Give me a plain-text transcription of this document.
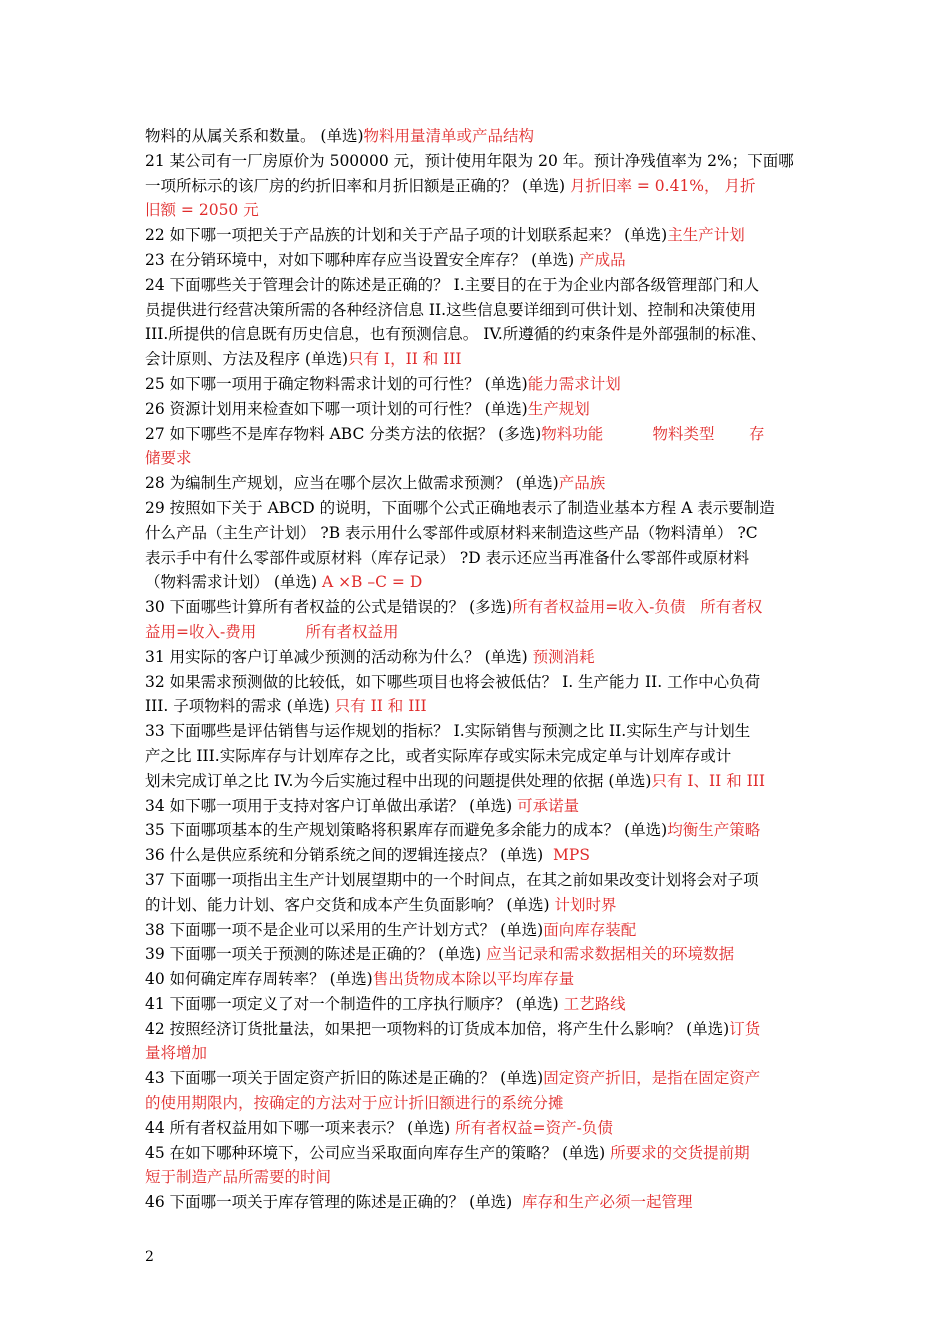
物料的从属关系和数量。 (单选)物料用量清单或产品结构
21 某公司有一厂房原价为 500000 元，预计使用年限为 20 年。预计净残值率为 2%；下面哪
一项所标示的该厂房的约折旧率和月折旧额是正确的？ (单选) 月折旧率 = 0.41%， 月折
旧额 = 2050 元
22 如下哪一项把关于产品族的计划和关于产品子项的计划联系起来？ (单选)主生产计划
23 在分销环境中，对如下哪种库存应当设置安全库存？ (单选) 产成品
24 下面哪些关于管理会计的陈述是正确的？ I.主要目的在于为企业内部各级管理部门和人
员提供进行经营决策所需的各种经济信息 II.这些信息要详细到可供计划、控制和决策使用
III.所提供的信息既有历史信息，也有预测信息。 IV.所遵循的约束条件是外部强制的标准、
会计原则、方法及程序 (单选)只有 I，II 和 III
25 如下哪一项用于确定物料需求计划的可行性？ (单选)能力需求计划
26 资源计划用来检查如下哪一项计划的可行性？ (单选)生产规划
27 如下哪些不是库存物料 ABC 分类方法的依据？ (多选)物料功能          物料类型       存
储要求
28 为编制生产规划，应当在哪个层次上做需求预测？ (单选)产品族
29 按照如下关于 ABCD 的说明，下面哪个公式正确地表示了制造业基本方程 A 表示要制造
什么产品（主生产计划） ?B 表示用什么零部件或原材料来制造这些产品（物料清单） ?C
表示手中有什么零部件或原材料（库存记录） ?D 表示还应当再准备什么零部件或原材料
（物料需求计划） (单选) A ×B –C = D
30 下面哪些计算所有者权益的公式是错误的？ (多选)所有者权益用=收入-负债   所有者权
益用=收入-费用          所有者权益用
31 用实际的客户订单减少预测的活动称为什么？ (单选) 预测消耗
32 如果需求预测做的比较低，如下哪些项目也将会被低估？ I. 生产能力 II. 工作中心负荷
III. 子项物料的需求 (单选) 只有 II 和 III
33 下面哪些是评估销售与运作规划的指标？ I.实际销售与预测之比 II.实际生产与计划生
产之比 III.实际库存与计划库存之比，或者实际库存或实际未完成定单与计划库存或计
划未完成订单之比 IV.为今后实施过程中出现的问题提供处理的依据 (单选)只有 I、II 和 III
34 如下哪一项用于支持对客户订单做出承诺？ (单选) 可承诺量
35 下面哪项基本的生产规划策略将积累库存而避免多余能力的成本？ (单选)均衡生产策略
36 什么是供应系统和分销系统之间的逻辑连接点？ (单选)  MPS
37 下面哪一项指出主生产计划展望期中的一个时间点，在其之前如果改变计划将会对子项
的计划、能力计划、客户交货和成本产生负面影响？ (单选) 计划时界
38 下面哪一项不是企业可以采用的生产计划方式？ (单选)面向库存装配
39 下面哪一项关于预测的陈述是正确的？ (单选) 应当记录和需求数据相关的环境数据
40 如何确定库存周转率？ (单选)售出货物成本除以平均库存量
41 下面哪一项定义了对一个制造件的工序执行顺序？ (单选) 工艺路线
42 按照经济订货批量法，如果把一项物料的订货成本加倍，将产生什么影响？ (单选)订货
量将增加
43 下面哪一项关于固定资产折旧的陈述是正确的？ (单选)固定资产折旧，是指在固定资产
的使用期限内，按确定的方法对于应计折旧额进行的系统分摊
44 所有者权益用如下哪一项来表示？ (单选) 所有者权益=资产-负债
45 在如下哪种环境下，公司应当采取面向库存生产的策略？ (单选) 所要求的交货提前期
短于制造产品所需要的时间
46 下面哪一项关于库存管理的陈述是正确的？ (单选)  库存和生产必须一起管理
2
